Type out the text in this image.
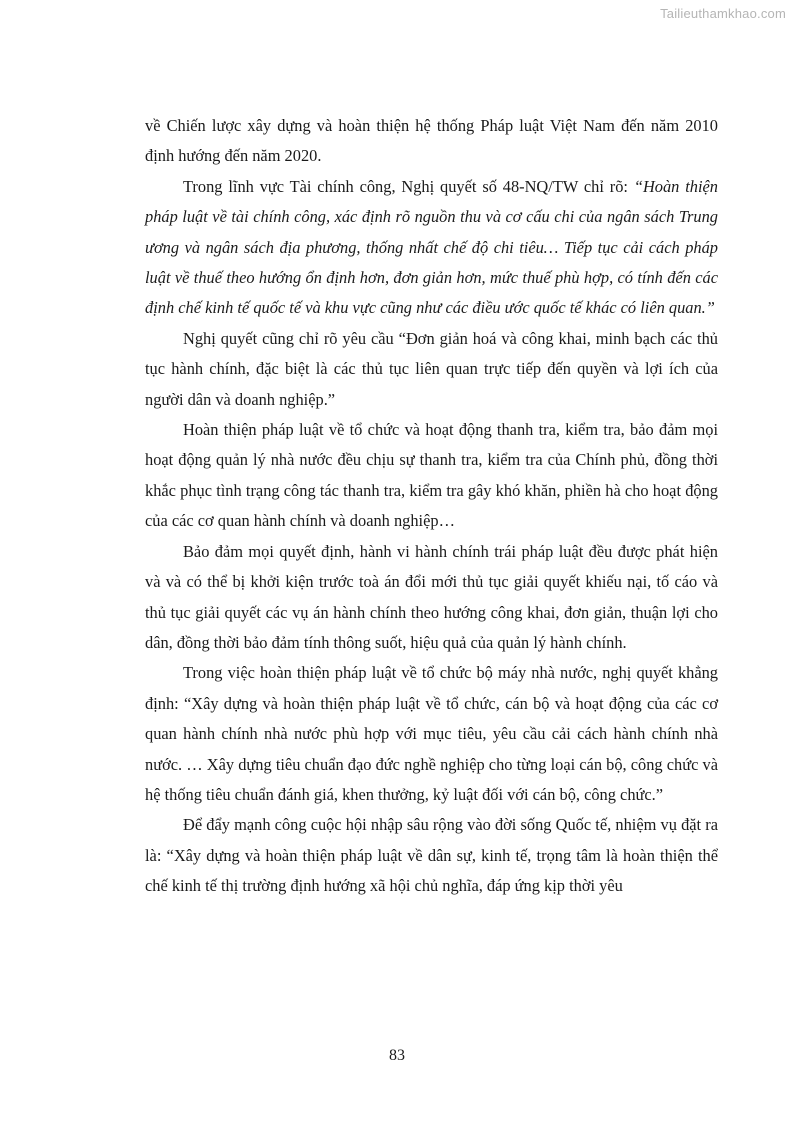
Tailieuthamkhao.com

về Chiến lược xây dựng và hoàn thiện hệ thống Pháp luật Việt Nam đến năm 2010 định hướng đến năm 2020.

Trong lĩnh vực Tài chính công, Nghị quyết số 48-NQ/TW chỉ rõ: “Hoàn thiện pháp luật về tài chính công, xác định rõ nguồn thu và cơ cấu chi của ngân sách Trung ương và ngân sách địa phương, thống nhất chế độ chi tiêu… Tiếp tục cải cách pháp luật về thuế theo hướng ổn định hơn, đơn giản hơn, mức thuế phù hợp, có tính đến các định chế kinh tế quốc tế và khu vực cũng như các điều ước quốc tế khác có liên quan.”

Nghị quyết cũng chỉ rõ yêu cầu “Đơn giản hoá và công khai, minh bạch các thủ tục hành chính, đặc biệt là các thủ tục liên quan trực tiếp đến quyền và lợi ích của người dân và doanh nghiệp.”

Hoàn thiện pháp luật về tổ chức và hoạt động thanh tra, kiểm tra, bảo đảm mọi hoạt động quản lý nhà nước đều chịu sự thanh tra, kiểm tra của Chính phủ, đồng thời khắc phục tình trạng công tác thanh tra, kiểm tra gây khó khăn, phiền hà cho hoạt động của các cơ quan hành chính và doanh nghiệp…

Bảo đảm mọi quyết định, hành vi hành chính trái pháp luật đều được phát hiện và và có thể bị khởi kiện trước toà án đổi mới thủ tục giải quyết khiếu nại, tố cáo và thủ tục giải quyết các vụ án hành chính theo hướng công khai, đơn giản, thuận lợi cho dân, đồng thời bảo đảm tính thông suốt, hiệu quả của quản lý hành chính.

Trong việc hoàn thiện pháp luật về tổ chức bộ máy nhà nước, nghị quyết khẳng định: “Xây dựng và hoàn thiện pháp luật về tổ chức, cán bộ và hoạt động của các cơ quan hành chính nhà nước phù hợp với mục tiêu, yêu cầu cải cách hành chính nhà nước. … Xây dựng tiêu chuẩn đạo đức nghề nghiệp cho từng loại cán bộ, công chức và hệ thống tiêu chuẩn đánh giá, khen thưởng, kỷ luật đối với cán bộ, công chức.”

Để đẩy mạnh công cuộc hội nhập sâu rộng vào đời sống Quốc tế, nhiệm vụ đặt ra là: “Xây dựng và hoàn thiện pháp luật về dân sự, kinh tế, trọng tâm là hoàn thiện thể chế kinh tế thị trường định hướng xã hội chủ nghĩa, đáp ứng kịp thời yêu

83
